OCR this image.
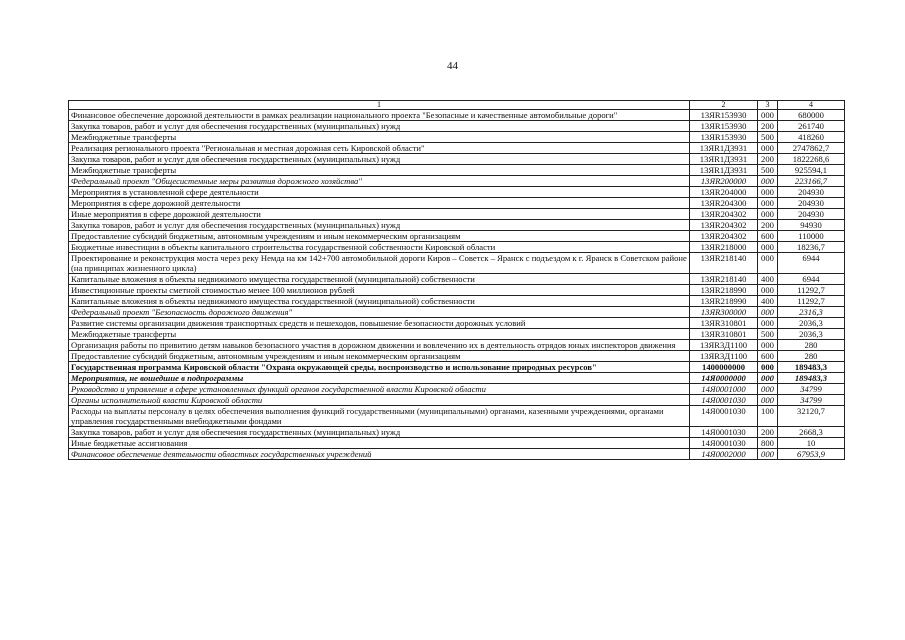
44
1	2	3	4
Финансовое обеспечение дорожной деятельности в рамках реализации национального проекта "Безопасные и качественные автомобильные дороги"	13ЯR153930	000	680000
Закупка товаров, работ и услуг для обеспечения государственных (муниципальных) нужд	13ЯR153930	200	261740
Межбюджетные трансферты	13ЯR153930	500	418260
Реализация регионального проекта "Региональная и местная дорожная сеть Кировской области"	13ЯR1Д3931	000	2747862,7
Закупка товаров, работ и услуг для обеспечения государственных (муниципальных) нужд	13ЯR1Д3931	200	1822268,6
Межбюджетные трансферты	13ЯR1Д3931	500	925594,1
Федеральный проект "Общесистемные меры развития дорожного хозяйства"	13ЯR200000	000	223166,7
Мероприятия в установленной сфере деятельности	13ЯR204000	000	204930
Мероприятия в сфере дорожной деятельности	13ЯR204300	000	204930
Иные мероприятия в сфере дорожной деятельности	13ЯR204302	000	204930
Закупка товаров, работ и услуг для обеспечения государственных (муниципальных) нужд	13ЯR204302	200	94930
Предоставление субсидий бюджетным, автономным учреждениям и иным некоммерческим организациям	13ЯR204302	600	110000
Бюджетные инвестиции в объекты капитального строительства государственной собственности Кировской области	13ЯR218000	000	18236,7
Проектирование и реконструкция моста через реку Немда на км 142+700 автомобильной дороги Киров – Советск – Яранск с подъездом к г. Яранск в Советском районе (на принципах жизненного цикла)	13ЯR218140	000	6944
Капитальные вложения в объекты недвижимого имущества государственной (муниципальной) собственности	13ЯR218140	400	6944
Инвестиционные проекты сметной стоимостью менее 100 миллионов рублей	13ЯR218990	000	11292,7
Капитальные вложения в объекты недвижимого имущества государственной (муниципальной) собственности	13ЯR218990	400	11292,7
Федеральный проект "Безопасность дорожного движения"	13ЯR300000	000	2316,3
Развитие системы организации движения транспортных средств и пешеходов, повышение безопасности дорожных условий	13ЯR310801	000	2036,3
Межбюджетные трансферты	13ЯR310801	500	2036,3
Организация работы по привитию детям навыков безопасного участия в дорожном движении и вовлечению их в деятельность отрядов юных инспекторов движения	13ЯR3Д1100	000	280
Предоставление субсидий бюджетным, автономным учреждениям и иным некоммерческим организациям	13ЯR3Д1100	600	280
Государственная программа Кировской области "Охрана окружающей среды, воспроизводство и использование природных ресурсов"	1400000000	000	189483,3
Мероприятия, не вошедшие в подпрограммы	14Я0000000	000	189483,3
Руководство и управление в сфере установленных функций органов государственной власти Кировской области	14Я0001000	000	34799
Органы исполнительной власти Кировской области	14Я0001030	000	34799
Расходы на выплаты персоналу в целях обеспечения выполнения функций государственными (муниципальными) органами, казенными учреждениями, органами управления государственными внебюджетными фондами	14Я0001030	100	32120,7
Закупка товаров, работ и услуг для обеспечения государственных (муниципальных) нужд	14Я0001030	200	2668,3
Иные бюджетные ассигнования	14Я0001030	800	10
Финансовое обеспечение деятельности областных государственных учреждений	14Я0002000	000	67953,9
